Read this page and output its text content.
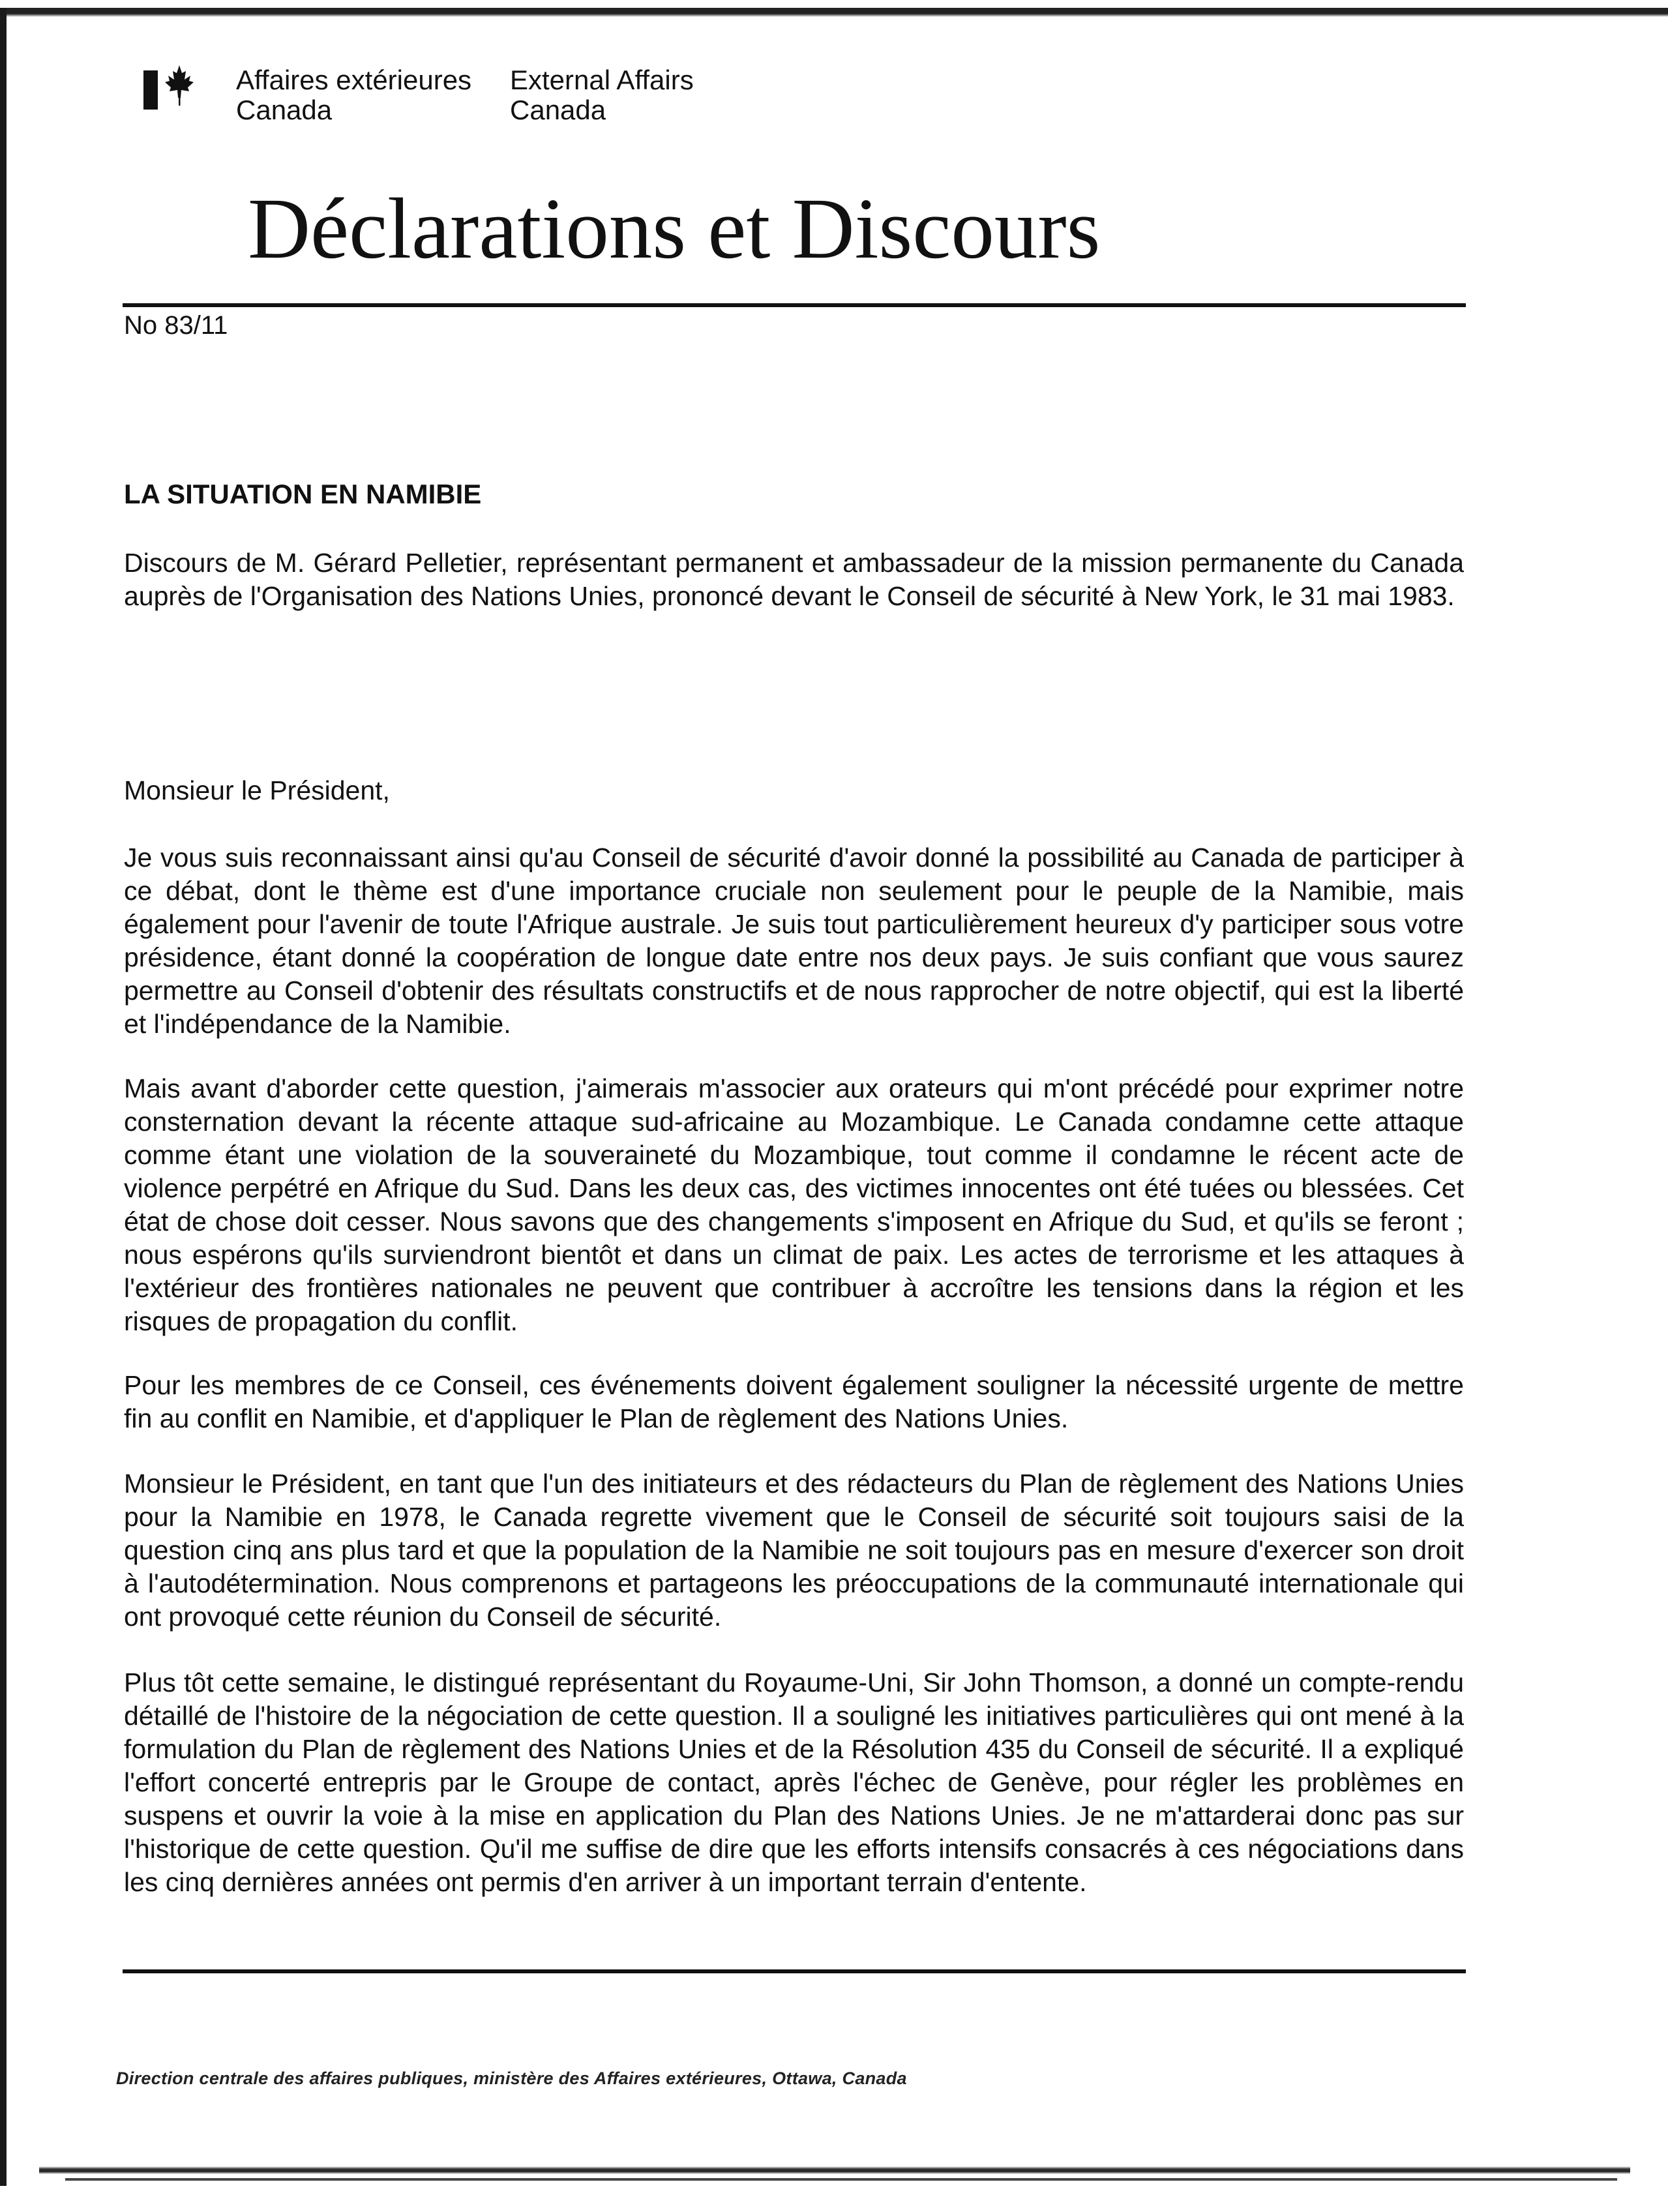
Affaires extérieures
Canada
External Affairs
Canada
Déclarations et Discours
No 83/11
LA SITUATION EN NAMIBIE

Discours de M. Gérard Pelletier, représentant permanent et ambassadeur de la mission permanente du Canada auprès de l'Organisation des Nations Unies, prononcé devant le Conseil de sécurité à New York, le 31 mai 1983.

Monsieur le Président,

Je vous suis reconnaissant ainsi qu'au Conseil de sécurité d'avoir donné la possibilité au Canada de participer à ce débat, dont le thème est d'une importance cruciale non seulement pour le peuple de la Namibie, mais également pour l'avenir de toute l'Afrique australe. Je suis tout particulièrement heureux d'y participer sous votre présidence, étant donné la coopération de longue date entre nos deux pays. Je suis confiant que vous saurez permettre au Conseil d'obtenir des résultats constructifs et de nous rapprocher de notre objectif, qui est la liberté et l'indépendance de la Namibie.

Mais avant d'aborder cette question, j'aimerais m'associer aux orateurs qui m'ont précédé pour exprimer notre consternation devant la récente attaque sud-africaine au Mozambique. Le Canada condamne cette attaque comme étant une violation de la souveraineté du Mozambique, tout comme il condamne le récent acte de violence perpétré en Afrique du Sud. Dans les deux cas, des victimes innocentes ont été tuées ou blessées. Cet état de chose doit cesser. Nous savons que des changements s'imposent en Afrique du Sud, et qu'ils se feront ; nous espérons qu'ils surviendront bientôt et dans un climat de paix. Les actes de terrorisme et les attaques à l'extérieur des frontières nationales ne peuvent que contribuer à accroître les tensions dans la région et les risques de propagation du conflit.

Pour les membres de ce Conseil, ces événements doivent également souligner la nécessité urgente de mettre fin au conflit en Namibie, et d'appliquer le Plan de règlement des Nations Unies.

Monsieur le Président, en tant que l'un des initiateurs et des rédacteurs du Plan de règlement des Nations Unies pour la Namibie en 1978, le Canada regrette vivement que le Conseil de sécurité soit toujours saisi de la question cinq ans plus tard et que la population de la Namibie ne soit toujours pas en mesure d'exercer son droit à l'autodétermination. Nous comprenons et partageons les préoccupations de la communauté internationale qui ont provoqué cette réunion du Conseil de sécurité.

Plus tôt cette semaine, le distingué représentant du Royaume-Uni, Sir John Thomson, a donné un compte-rendu détaillé de l'histoire de la négociation de cette question. Il a souligné les initiatives particulières qui ont mené à la formulation du Plan de règlement des Nations Unies et de la Résolution 435 du Conseil de sécurité. Il a expliqué l'effort concerté entrepris par le Groupe de contact, après l'échec de Genève, pour régler les problèmes en suspens et ouvrir la voie à la mise en application du Plan des Nations Unies. Je ne m'attarderai donc pas sur l'historique de cette question. Qu'il me suffise de dire que les efforts intensifs consacrés à ces négociations dans les cinq dernières années ont permis d'en arriver à un important terrain d'entente.

Direction centrale des affaires publiques, ministère des Affaires extérieures, Ottawa, Canada
